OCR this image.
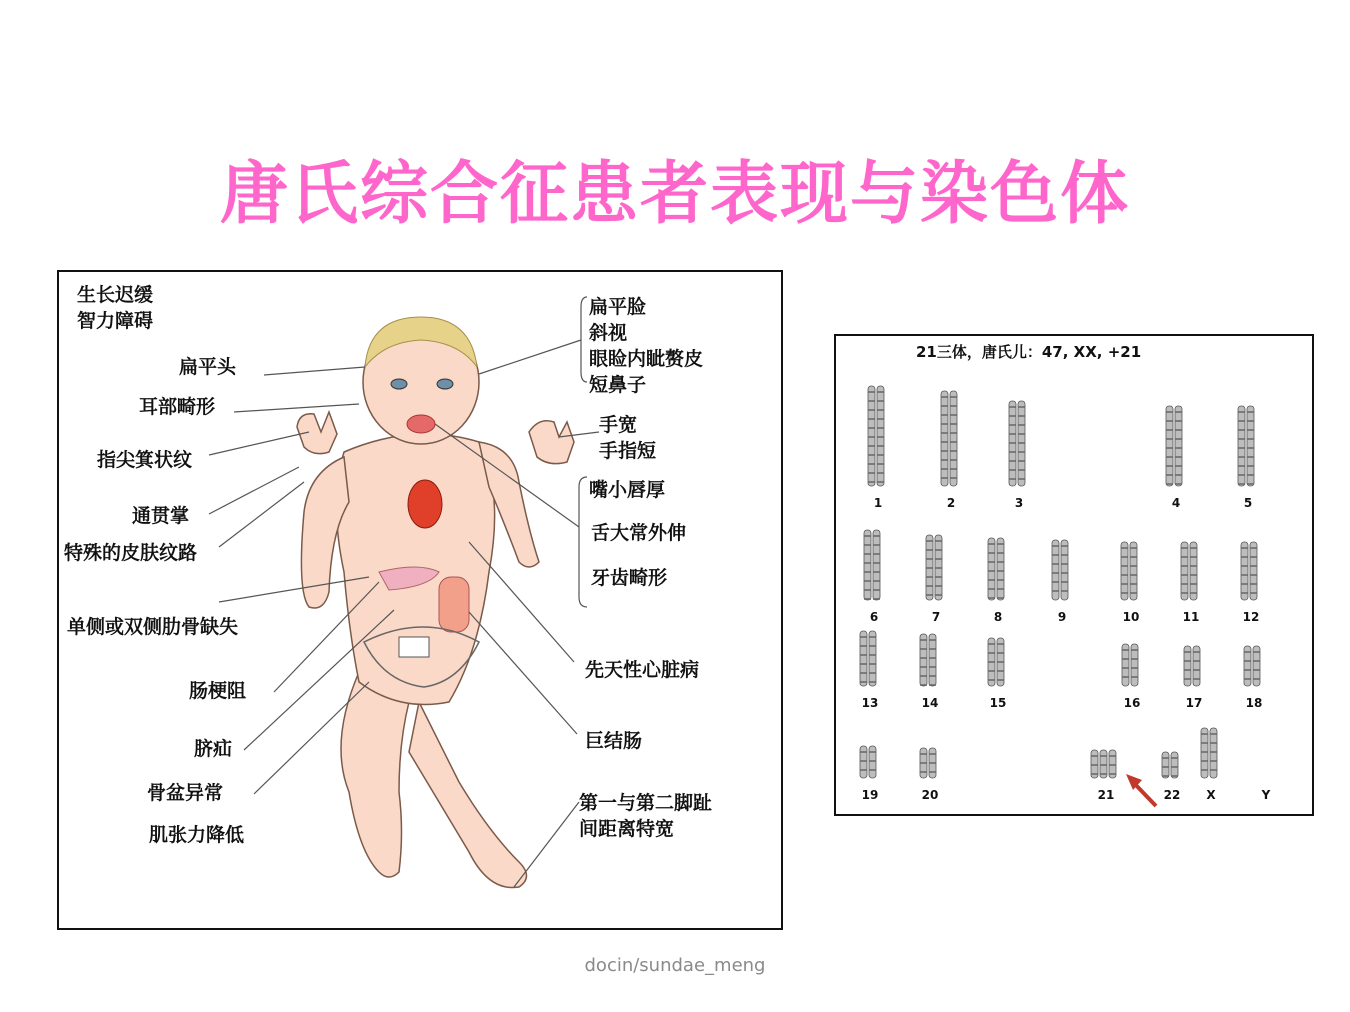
唐氏综合征患者表现与染色体
生长迟缓
智力障碍
扁平头
耳部畸形
指尖箕状纹
通贯掌
特殊的皮肤纹路
单侧或双侧肋骨缺失
肠梗阻
脐疝
骨盆异常
肌张力降低
扁平脸
斜视
眼睑内眦赘皮
短鼻子
手宽
手指短
嘴小唇厚
舌大常外伸
牙齿畸形
先天性心脏病
巨结肠
第一与第二脚趾
间距离特宽
21三体，唐氏儿：47, XX, +21
1	2	3	4	5
6	7	8	9	10	11	12
13	14	15	16	17	18
19	20	21	22	X	Y
docin/sundae_meng
